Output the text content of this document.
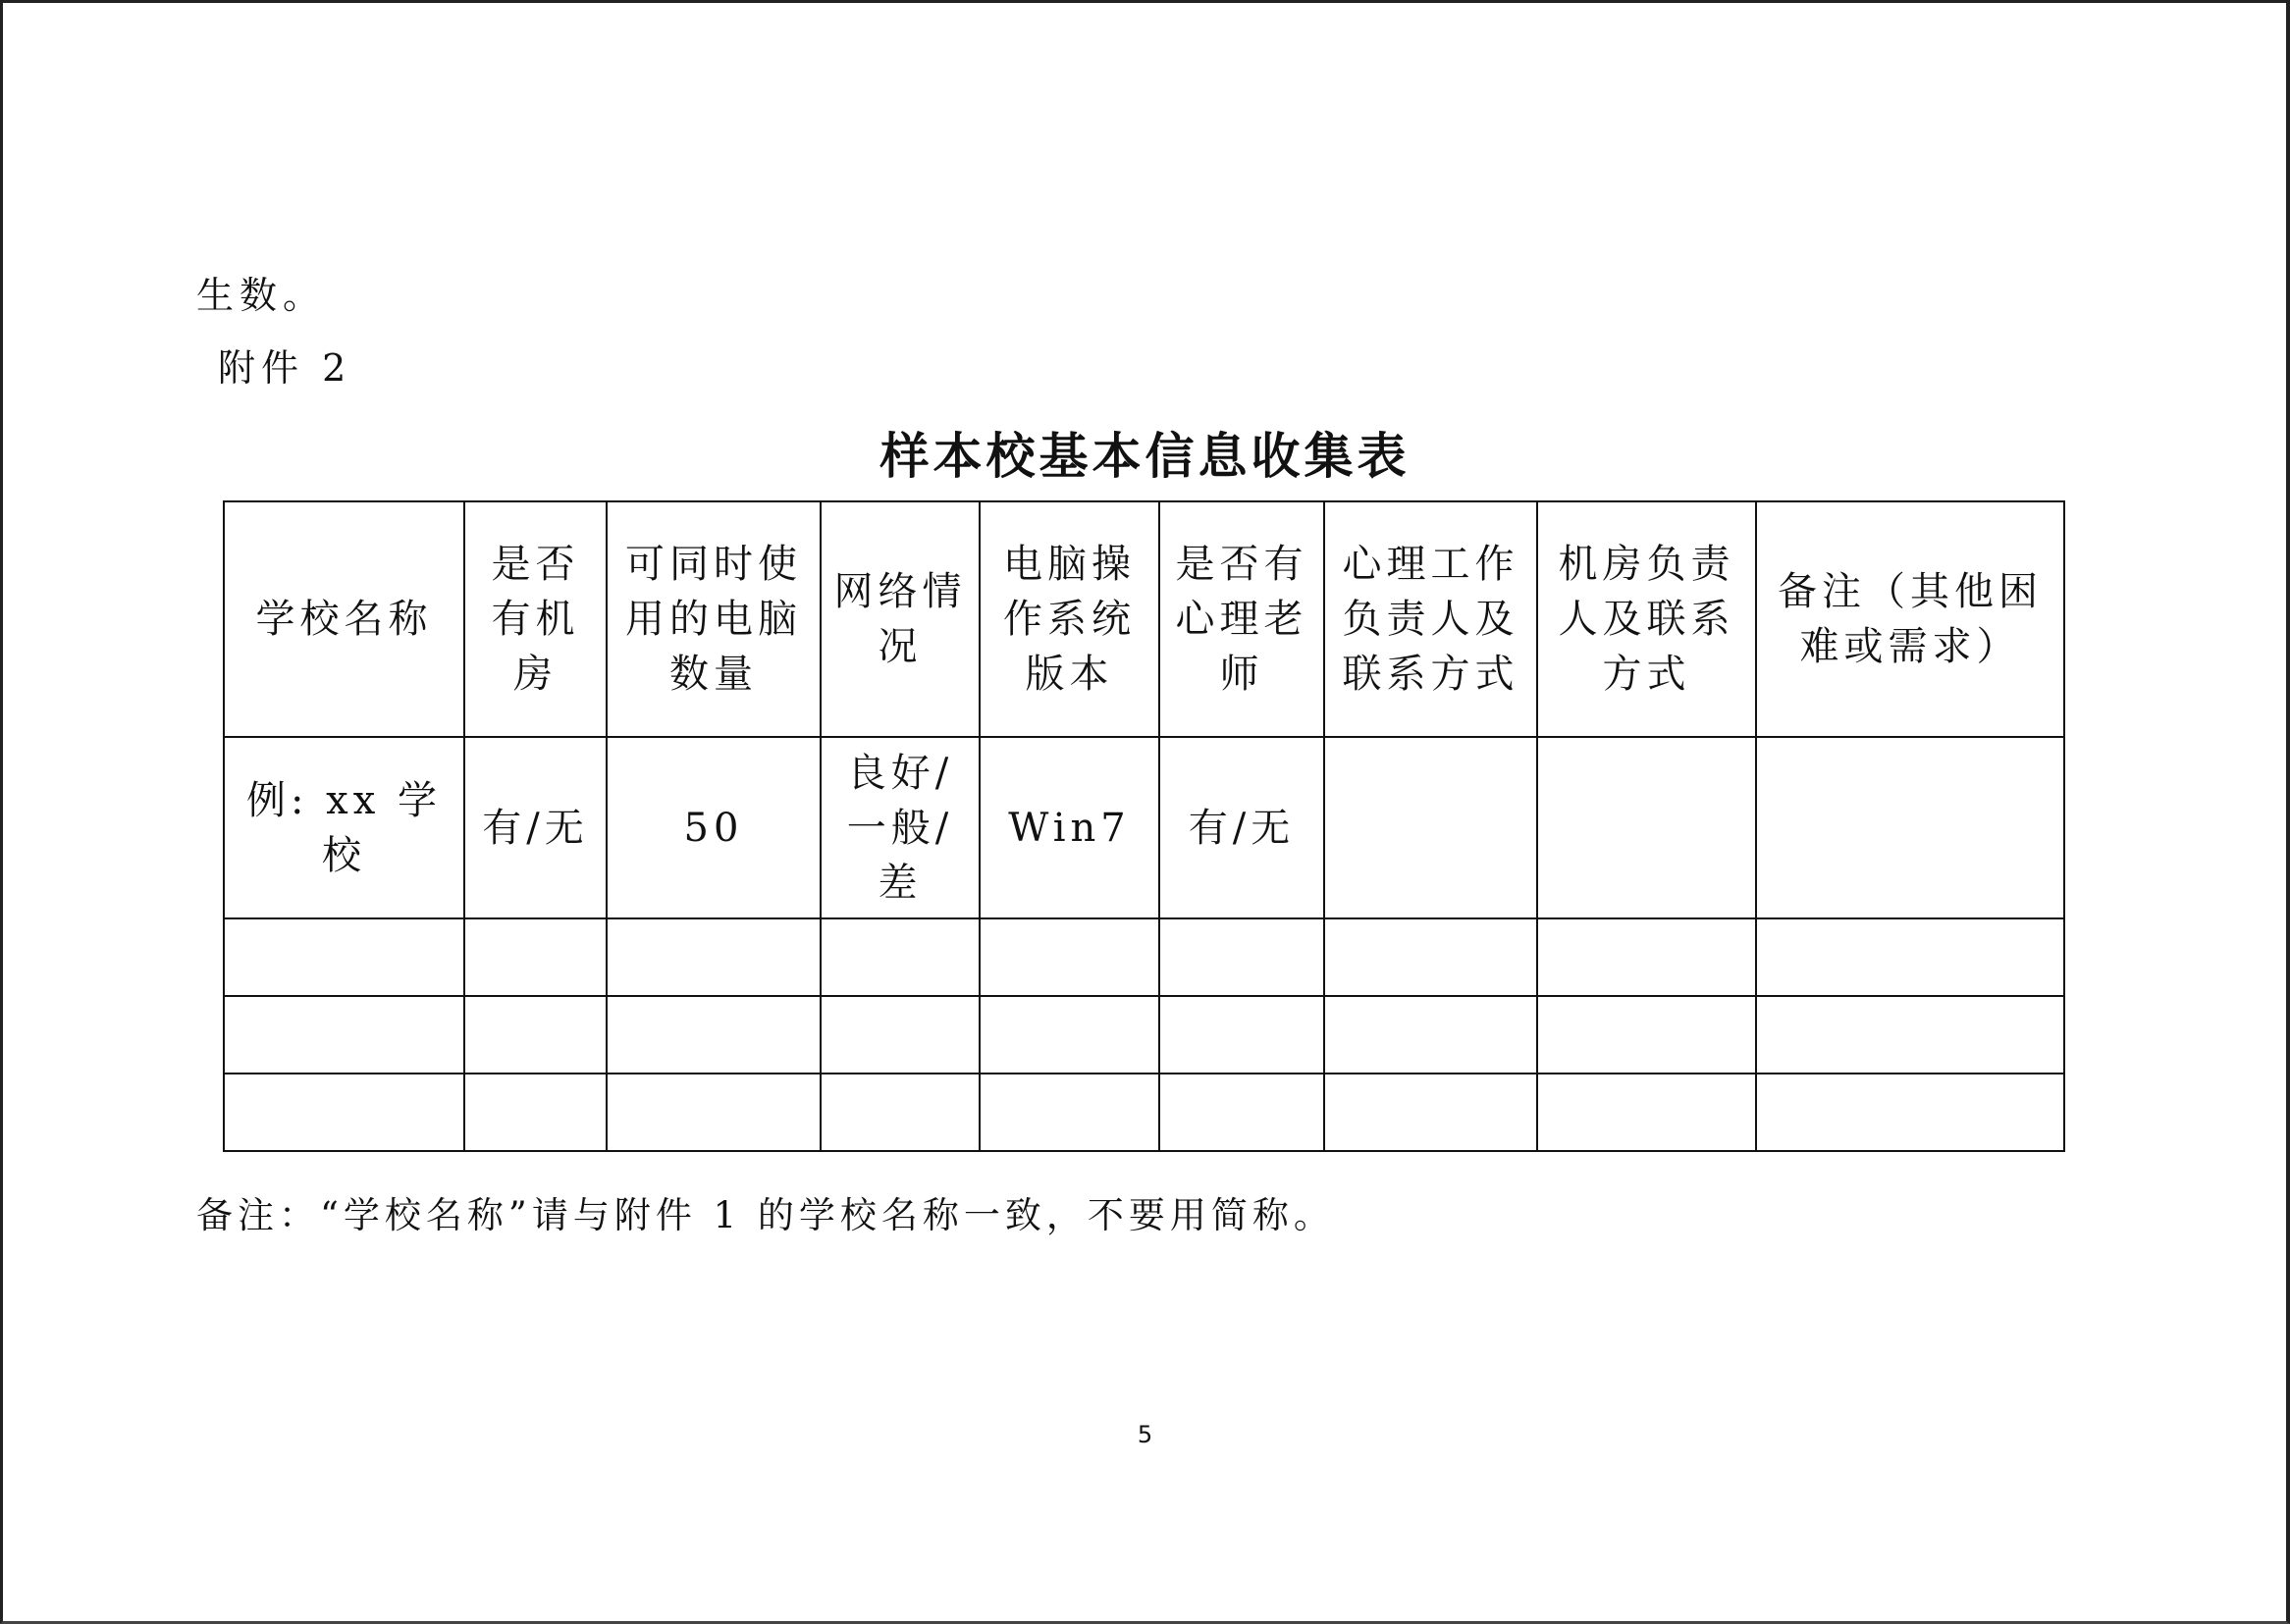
生数。
附件 2
样本校基本信息收集表
学校名称	是否有机房	可同时使用的电脑数量	网络情况	电脑操作系统版本	是否有心理老师	心理工作负责人及联系方式	机房负责人及联系方式	备注（其他困难或需求）
例: xx 学校	有/无	50	良好/一般/差	Win7	有/无			

备注：“学校名称”请与附件 1 的学校名称一致，不要用简称。
5
